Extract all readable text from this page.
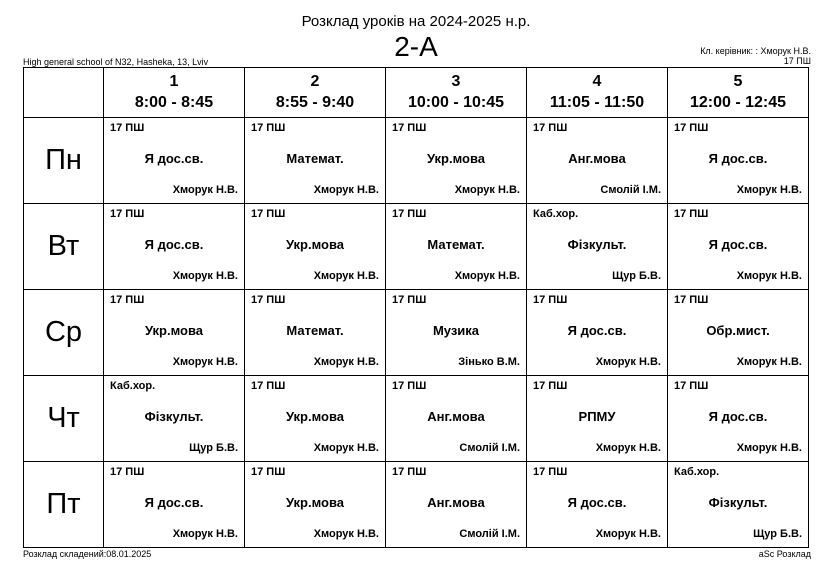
Розклад уроків на 2024-2025 н.р.
2-А
High general school of N32, Hasheka, 13, Lviv
Кл. керівник: : Хморук Н.В.
17 ПШ

	1
8:00 - 8:45	2
8:55 - 9:40	3
10:00 - 10:45	4
11:05 - 11:50	5
12:00 - 12:45

Пн	17 ПШ
Я дос.св.
Хморук Н.В.	17 ПШ
Математ.
Хморук Н.В.	17 ПШ
Укр.мова
Хморук Н.В.	17 ПШ
Анг.мова
Смолій І.М.	17 ПШ
Я дос.св.
Хморук Н.В.

Вт	17 ПШ
Я дос.св.
Хморук Н.В.	17 ПШ
Укр.мова
Хморук Н.В.	17 ПШ
Математ.
Хморук Н.В.	Каб.хор.
Фізкульт.
Щур Б.В.	17 ПШ
Я дос.св.
Хморук Н.В.

Ср	17 ПШ
Укр.мова
Хморук Н.В.	17 ПШ
Математ.
Хморук Н.В.	17 ПШ
Музика
Зінько В.М.	17 ПШ
Я дос.св.
Хморук Н.В.	17 ПШ
Обр.мист.
Хморук Н.В.

Чт	Каб.хор.
Фізкульт.
Щур Б.В.	17 ПШ
Укр.мова
Хморук Н.В.	17 ПШ
Анг.мова
Смолій І.М.	17 ПШ
РПМУ
Хморук Н.В.	17 ПШ
Я дос.св.
Хморук Н.В.

Пт	17 ПШ
Я дос.св.
Хморук Н.В.	17 ПШ
Укр.мова
Хморук Н.В.	17 ПШ
Анг.мова
Смолій І.М.	17 ПШ
Я дос.св.
Хморук Н.В.	Каб.хор.
Фізкульт.
Щур Б.В.
Розклад складений:08.01.2025	aSc Розклад
